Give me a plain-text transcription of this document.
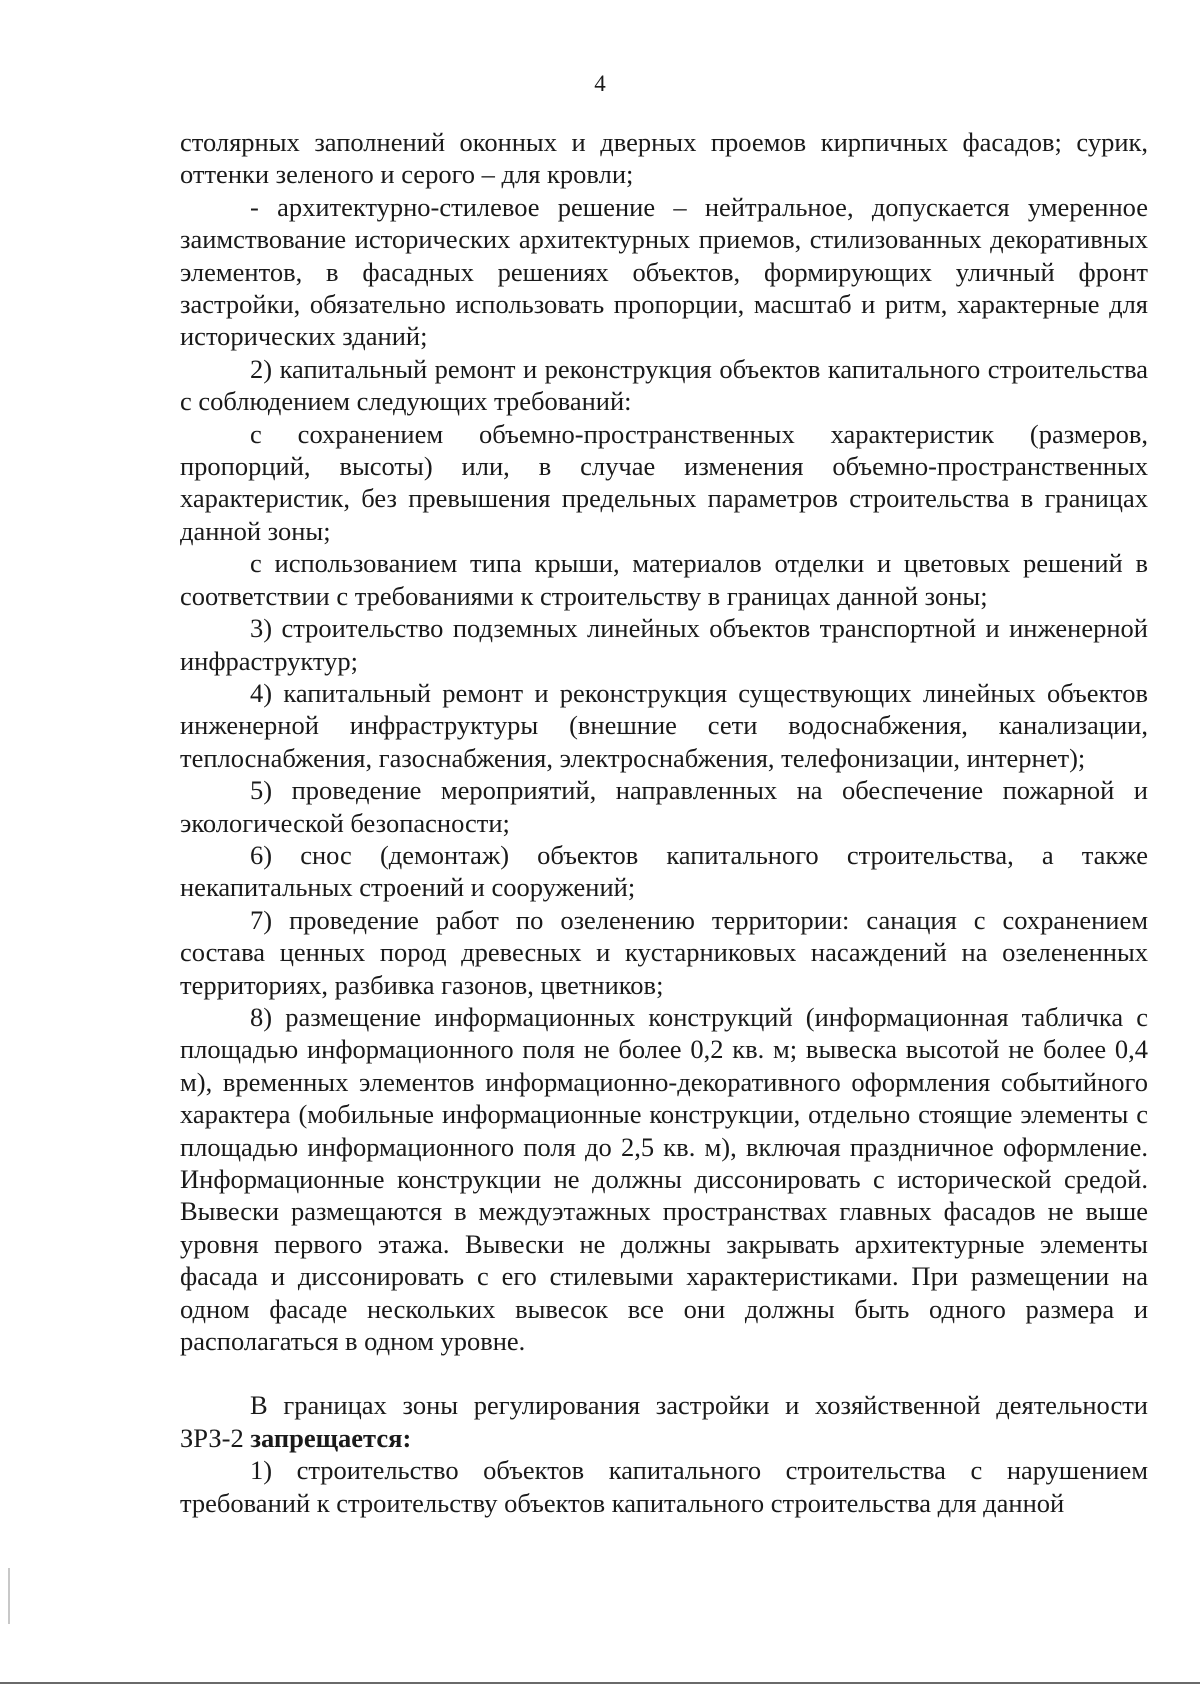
4

столярных заполнений оконных и дверных проемов кирпичных фасадов; сурик, оттенки зеленого и серого – для кровли;

- архитектурно-стилевое решение – нейтральное, допускается умеренное заимствование исторических архитектурных приемов, стилизованных декоративных элементов, в фасадных решениях объектов, формирующих уличный фронт застройки, обязательно использовать пропорции, масштаб и ритм, характерные для исторических зданий;

2) капитальный ремонт и реконструкция объектов капитального строительства с соблюдением следующих требований:

с сохранением объемно-пространственных характеристик (размеров, пропорций, высоты) или, в случае изменения объемно-пространственных характеристик, без превышения предельных параметров строительства в границах данной зоны;

с использованием типа крыши, материалов отделки и цветовых решений в соответствии с требованиями к строительству в границах данной зоны;

3) строительство подземных линейных объектов транспортной и инженерной инфраструктур;

4) капитальный ремонт и реконструкция существующих линейных объектов инженерной инфраструктуры (внешние сети водоснабжения, канализации, теплоснабжения, газоснабжения, электроснабжения, телефонизации, интернет);

5) проведение мероприятий, направленных на обеспечение пожарной и экологической безопасности;

6) снос (демонтаж) объектов капитального строительства, а также некапитальных строений и сооружений;

7) проведение работ по озеленению территории: санация с сохранением состава ценных пород древесных и кустарниковых насаждений на озелененных территориях, разбивка газонов, цветников;

8) размещение информационных конструкций (информационная табличка с площадью информационного поля не более 0,2 кв. м; вывеска высотой не более 0,4 м), временных элементов информационно-декоративного оформления событийного характера (мобильные информационные конструкции, отдельно стоящие элементы с площадью информационного поля до 2,5 кв. м), включая праздничное оформление. Информационные конструкции не должны диссонировать с исторической средой. Вывески размещаются в междуэтажных пространствах главных фасадов не выше уровня первого этажа. Вывески не должны закрывать архитектурные элементы фасада и диссонировать с его стилевыми характеристиками. При размещении на одном фасаде нескольких вывесок все они должны быть одного размера и располагаться в одном уровне.

В границах зоны регулирования застройки и хозяйственной деятельности ЗРЗ-2 запрещается:

1) строительство объектов капитального строительства с нарушением требований к строительству объектов капитального строительства для данной
